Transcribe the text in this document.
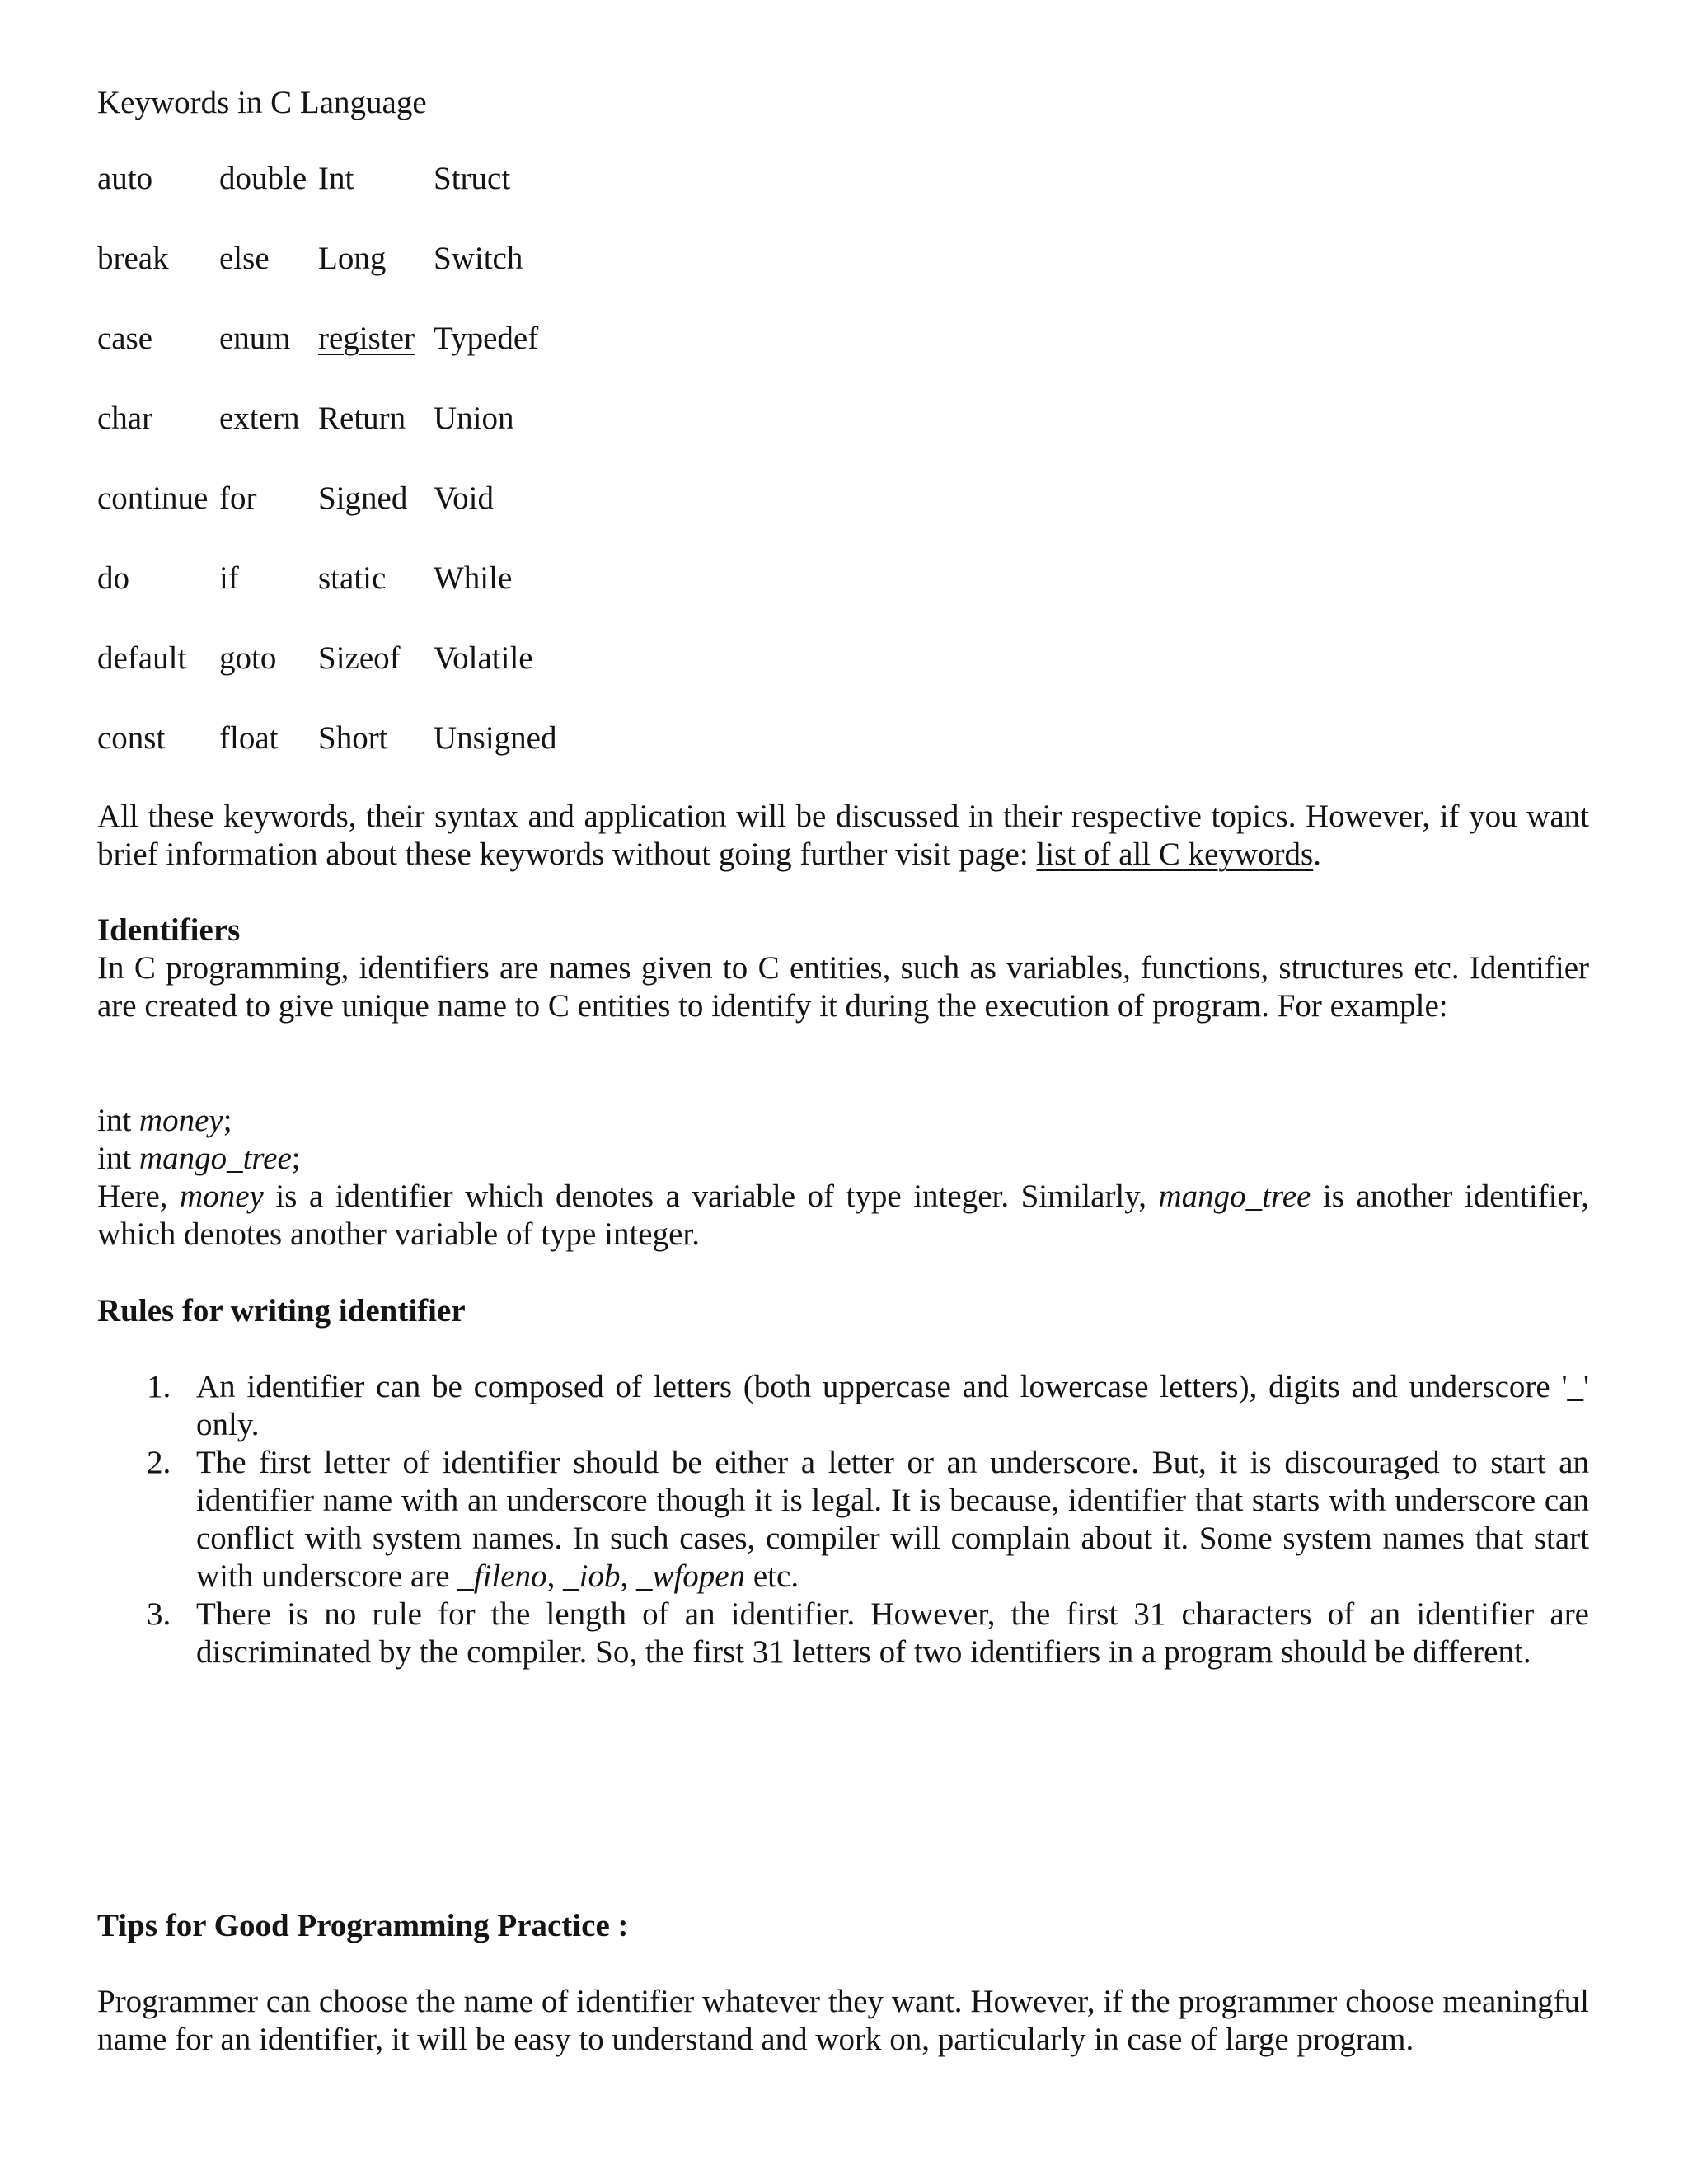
Keywords in C Language
auto double Int Struct
break else Long Switch
case enum register Typedef
char extern Return Union
continue for Signed Void
do	if static While
default goto Sizeof Volatile
const float Short Unsigned

All these keywords, their syntax and application will be discussed in their respective topics. However, if you want brief information about these keywords without going further visit page: list of all C keywords.

Identifiers

In C programming, identifiers are names given to C entities, such as variables, functions, structures etc. Identifier are created to give unique name to C entities to identify it during the execution of program. For example:

int money;
int mango_tree;

Here, money is a identifier which denotes a variable of type integer. Similarly, mango_tree is another identifier, which denotes another variable of type integer.

Rules for writing identifier
1. An identifier can be composed of letters (both uppercase and lowercase letters), digits and underscore '_' only.
2. The first letter of identifier should be either a letter or an underscore. But, it is discouraged to start an identifier name with an underscore though it is legal. It is because, identifier that starts with underscore can conflict with system names. In such cases, compiler will complain about it. Some system names that start with underscore are _fileno, _iob, _wfopen etc.
3. There is no rule for the length of an identifier. However, the first 31 characters of an identifier are discriminated by the compiler. So, the first 31 letters of two identifiers in a program should be different.
Tips for Good Programming Practice :

Programmer can choose the name of identifier whatever they want. However, if the programmer choose meaningful name for an identifier, it will be easy to understand and work on, particularly in case of large program.
